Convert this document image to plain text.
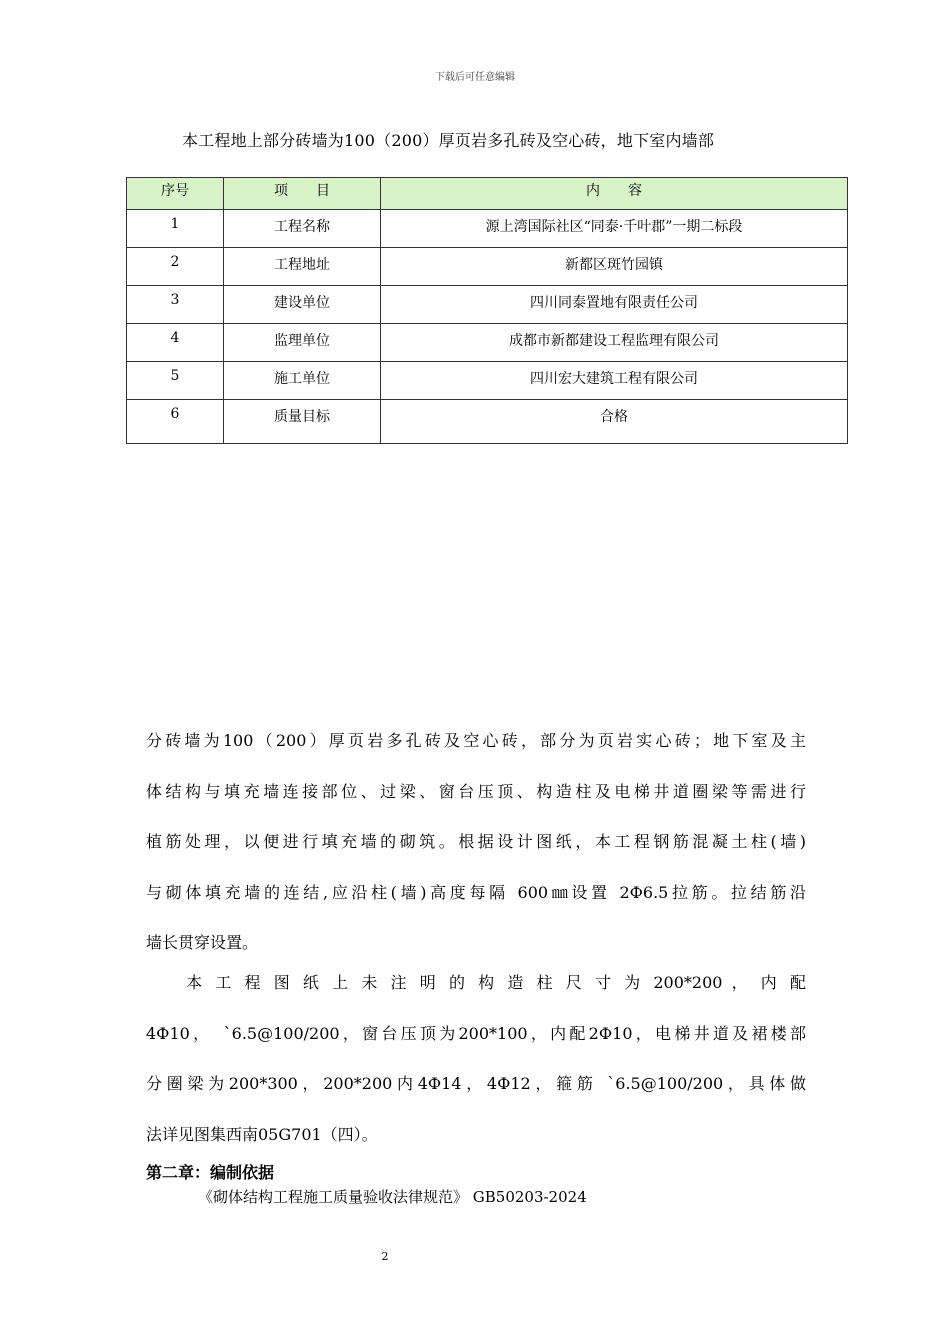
下载后可任意编辑
本工程地上部分砖墙为100（200）厚页岩多孔砖及空心砖，地下室内墙部
序号	项　　目	内　　容
1	工程名称	源上湾国际社区“同泰·千叶郡”一期二标段
2	工程地址	新都区斑竹园镇
3	建设单位	四川同泰置地有限责任公司
4	监理单位	成都市新都建设工程监理有限公司
5	施工单位	四川宏大建筑工程有限公司
6	质量目标	合格
分砖墙为100（200）厚页岩多孔砖及空心砖，部分为页岩实心砖；地下室及主
体结构与填充墙连接部位、过梁、窗台压顶、构造柱及电梯井道圈梁等需进行
植筋处理，以便进行填充墙的砌筑。根据设计图纸，本工程钢筋混凝土柱(墙)
与砌体填充墙的连结,应沿柱(墙)高度每隔 600㎜设置 2Ф6.5拉筋。拉结筋沿
墙长贯穿设置。
　　本 工 程 图 纸 上 未 注 明 的 构 造 柱 尺 寸 为 200*200 ， 内 配
4Ф10，　`6.5@100/200，窗台压顶为200*100，内配2Ф10，电梯井道及裙楼部
分圈梁为200*300，200*200内4Ф14，4Ф12，箍筋 `6.5@100/200，具体做
法详见图集西南05G701（四）。
第二章：编制依据
《砌体结构工程施工质量验收法律规范》 GB50203-2024
2
